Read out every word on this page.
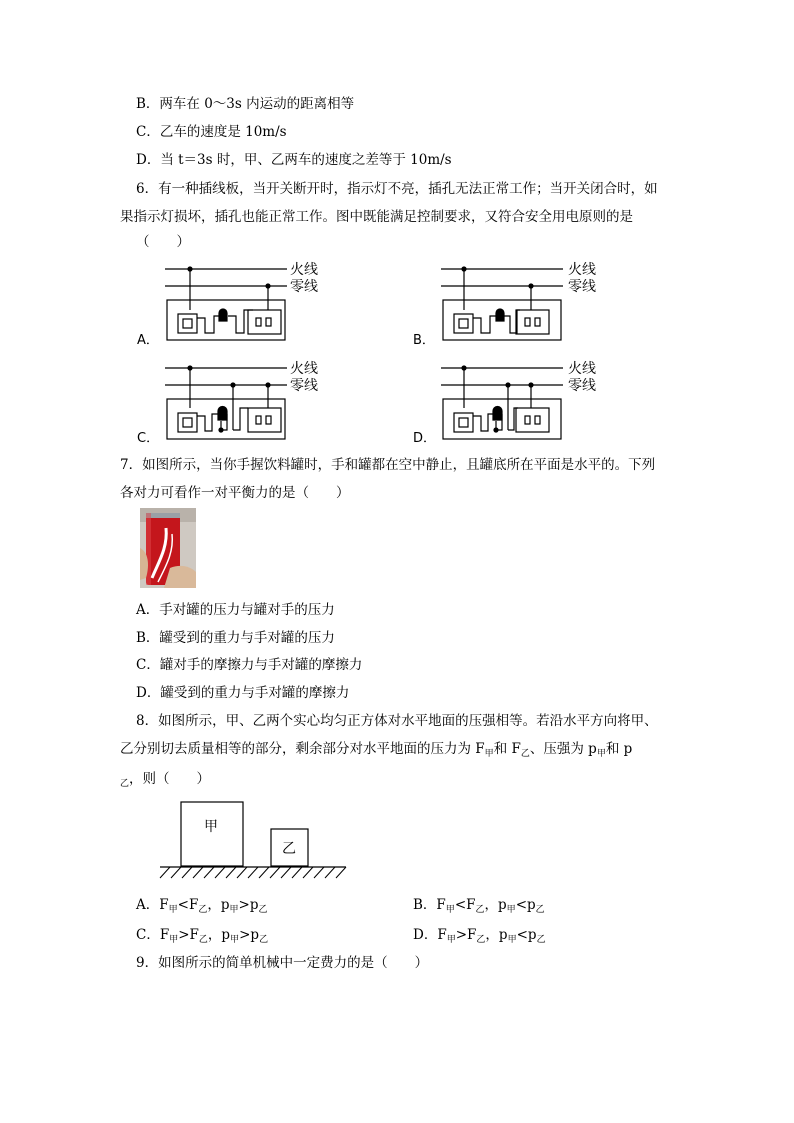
B．两车在 0～3s 内运动的距离相等
C．乙车的速度是 10m/s
D．当 t＝3s 时，甲、乙两车的速度之差等于 10m/s
6．有一种插线板，当开关断开时，指示灯不亮，插孔无法正常工作；当开关闭合时，如
果指示灯损坏，插孔也能正常工作。图中既能满足控制要求，又符合安全用电原则的是
（　　）
火线
零线
A．
火线
零线
B．
火线
零线
C．
火线
零线
D．
7．如图所示，当你手握饮料罐时，手和罐都在空中静止，且罐底所在平面是水平的。下列
各对力可看作一对平衡力的是（　　）
A．手对罐的压力与罐对手的压力
B．罐受到的重力与手对罐的压力
C．罐对手的摩擦力与手对罐的摩擦力
D．罐受到的重力与手对罐的摩擦力
8．如图所示，甲、乙两个实心均匀正方体对水平地面的压强相等。若沿水平方向将甲、
乙分别切去质量相等的部分，剩余部分对水平地面的压力为 $F_甲$和 $F_乙$、压强为 $p_甲$和 p
$_乙$，则（　　）
甲
乙
A．$F_甲<F_乙$，$p_甲>p_乙$	B．$F_甲<F_乙$，$p_甲<p_乙$
C．$F_甲>F_乙$，$p_甲>p_乙$	D．$F_甲>F_乙$，$p_甲<p_乙$
9．如图所示的简单机械中一定费力的是（　　）
